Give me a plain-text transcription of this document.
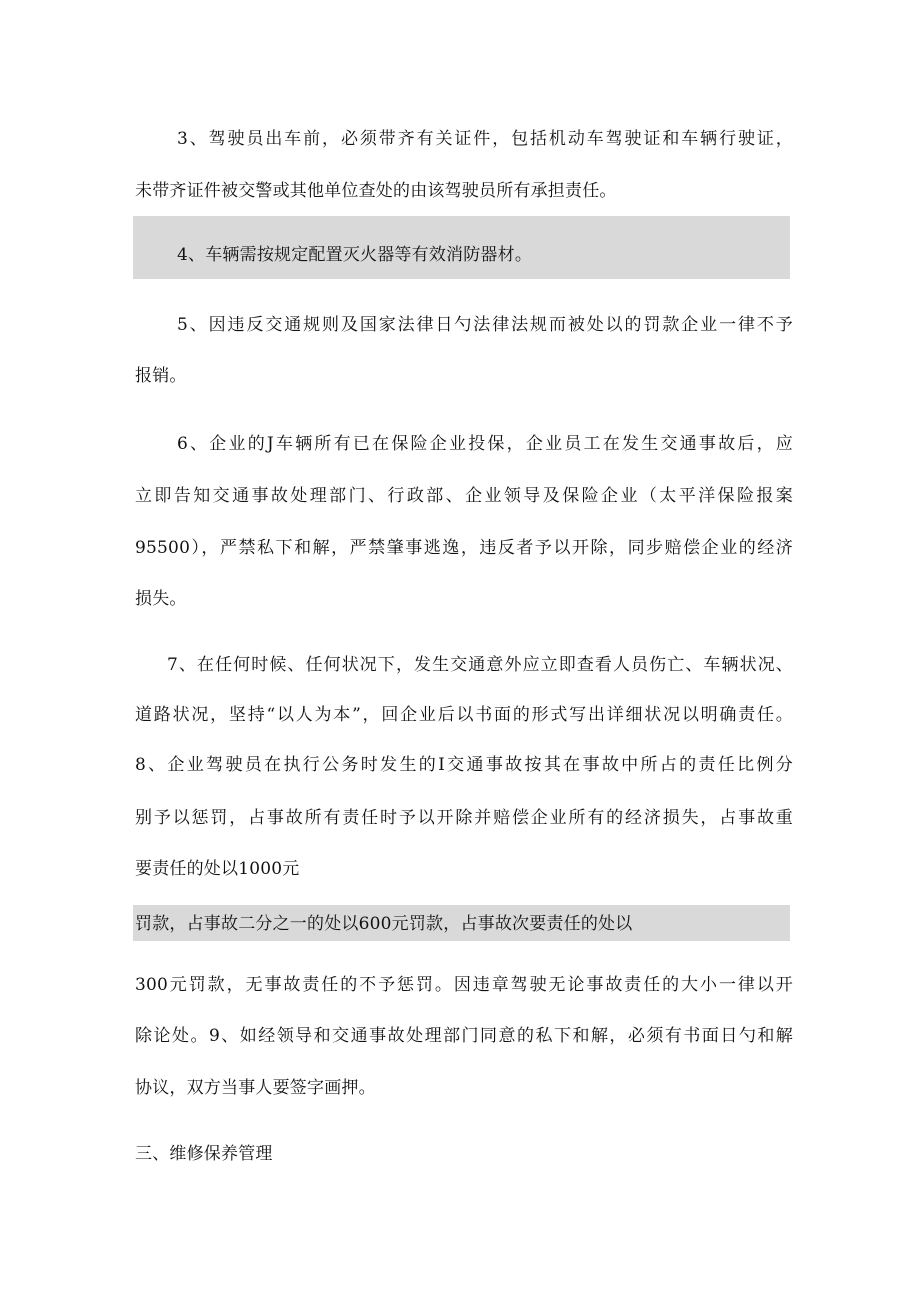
3、驾驶员出车前，必须带齐有关证件，包括机动车驾驶证和车辆行驶证，
未带齐证件被交警或其他单位查处的由该驾驶员所有承担责任。
4、车辆需按规定配置灭火器等有效消防器材。
5、因违反交通规则及国家法律日勺法律法规而被处以的罚款企业一律不予
报销。
6、企业的J车辆所有已在保险企业投保，企业员工在发生交通事故后，应
立即告知交通事故处理部门、行政部、企业领导及保险企业（太平洋保险报案
95500），严禁私下和解，严禁肇事逃逸，违反者予以开除，同步赔偿企业的经济
损失。
7、在任何时候、任何状况下，发生交通意外应立即查看人员伤亡、车辆状况、
道路状况，坚持“以人为本”，回企业后以书面的形式写出详细状况以明确责任。
8、企业驾驶员在执行公务时发生的Ⅰ交通事故按其在事故中所占的责任比例分
别予以惩罚，占事故所有责任时予以开除并赔偿企业所有的经济损失，占事故重
要责任的处以1000元
罚款，占事故二分之一的处以600元罚款，占事故次要责任的处以
300元罚款，无事故责任的不予惩罚。因违章驾驶无论事故责任的大小一律以开
除论处。9、如经领导和交通事故处理部门同意的私下和解，必须有书面日勺和解
协议，双方当事人要签字画押。
三、维修保养管理
